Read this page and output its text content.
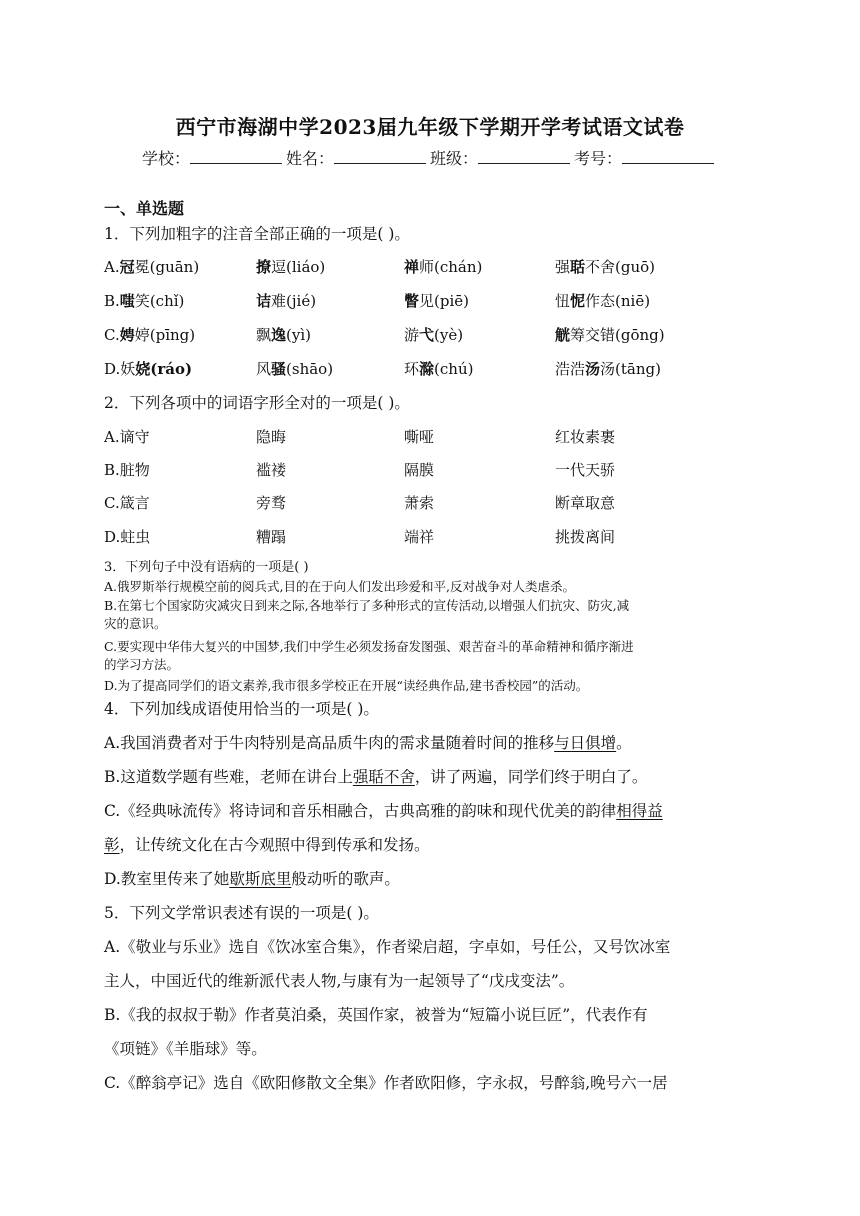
西宁市海湖中学2023届九年级下学期开学考试语文试卷
学校：	姓名：	班级：	考号：
一、单选题
1．下列加粗字的注音全部正确的一项是( )。
A.冠冕(guān)	撩逗(liáo)	禅师(chán)	强聒不舍(guō)
B.嗤笑(chǐ)	诘难(jié)	瞥见(piē)	忸怩作态(niē)
C.娉婷(pīng)	飘逸(yì)	游弋(yè)	觥筹交错(gōng)
D.妖娆(ráo)	风骚(shāo)	环滁(chú)	浩浩汤汤(tāng)
2．下列各项中的词语字形全对的一项是( )。
A.谪守	隐晦	嘶哑	红妆素裹
B.脏物	褴褛	隔膜	一代天骄
C.箴言	旁骛	萧索	断章取意
D.蛀虫	糟蹋	端祥	挑拨离间
3．下列句子中没有语病的一项是( )
A.俄罗斯举行规模空前的阅兵式,目的在于向人们发出珍爱和平,反对战争对人类虐杀。
B.在第七个国家防灾减灾日到来之际,各地举行了多种形式的宣传活动,以增强人们抗灾、防灾,减
灾的意识。
C.要实现中华伟大复兴的中国梦,我们中学生必须发扬奋发图强、艰苦奋斗的革命精神和循序渐进
的学习方法。
D.为了提高同学们的语文素养,我市很多学校正在开展“读经典作品,建书香校园”的活动。
4．下列加线成语使用恰当的一项是( )。
A.我国消费者对于牛肉特别是高品质牛肉的需求量随着时间的推移与日俱增。
B.这道数学题有些难，老师在讲台上强聒不舍，讲了两遍，同学们终于明白了。
C.《经典咏流传》将诗词和音乐相融合，古典高雅的韵味和现代优美的韵律相得益
彰，让传统文化在古今观照中得到传承和发扬。
D.教室里传来了她歇斯底里般动听的歌声。
5．下列文学常识表述有误的一项是( )。
A.《敬业与乐业》选自《饮冰室合集》，作者梁启超，字卓如，号任公，又号饮冰室
主人，中国近代的维新派代表人物,与康有为一起领导了“戊戌变法”。
B.《我的叔叔于勒》作者莫泊桑，英国作家，被誉为“短篇小说巨匠”，代表作有
《项链》《羊脂球》等。
C.《醉翁亭记》选自《欧阳修散文全集》作者欧阳修，字永叔，号醉翁,晚号六一居
